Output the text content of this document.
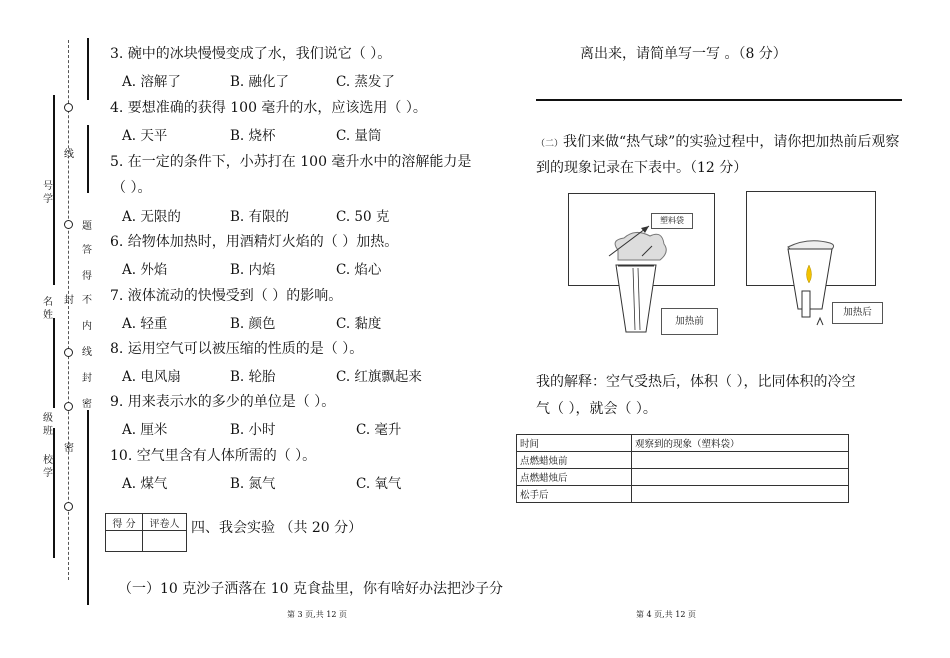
线
题
答
得
不
内
线
封
密
封
密
号学
名姓
级班
校学
3. 碗中的冰块慢慢变成了水，我们说它（ ）。
A. 溶解了	B. 融化了	C. 蒸发了
4. 要想准确的获得 100 毫升的水，应该选用（ ）。
A. 天平	B. 烧杯	C. 量筒
5. 在一定的条件下，小苏打在 100 毫升水中的溶解能力是
（ ）。
A. 无限的	B. 有限的	C. 50 克
6. 给物体加热时，用酒精灯火焰的（ ）加热。
A. 外焰	B. 内焰	C. 焰心
7. 液体流动的快慢受到（ ）的影响。
A. 轻重	B. 颜色	C. 黏度
8. 运用空气可以被压缩的性质的是（ ）。
A. 电风扇	B. 轮胎	C. 红旗飘起来
9. 用来表示水的多少的单位是（ ）。
A. 厘米	B. 小时	C. 毫升
10. 空气里含有人体所需的（ ）。
A. 煤气	B. 氮气	C. 氧气
得 分	评卷人
	四、我会实验 （共 20 分）
（一）10 克沙子洒落在 10 克食盐里，你有啥好办法把沙子分
第 3 页,共 12 页
离出来，请简单写一写 。（8 分）
（二）我们来做“热气球”的实验过程中，请你把加热前后观察
到的现象记录在下表中。（12 分）
塑料袋
加热前
加热后
我的解释：空气受热后，体积（ ），比同体积的冷空
气（ ），就会（ ）。
时间	观察到的现象（塑料袋）
点燃蜡烛前	
点燃蜡烛后	
松手后	
第 4 页,共 12 页
